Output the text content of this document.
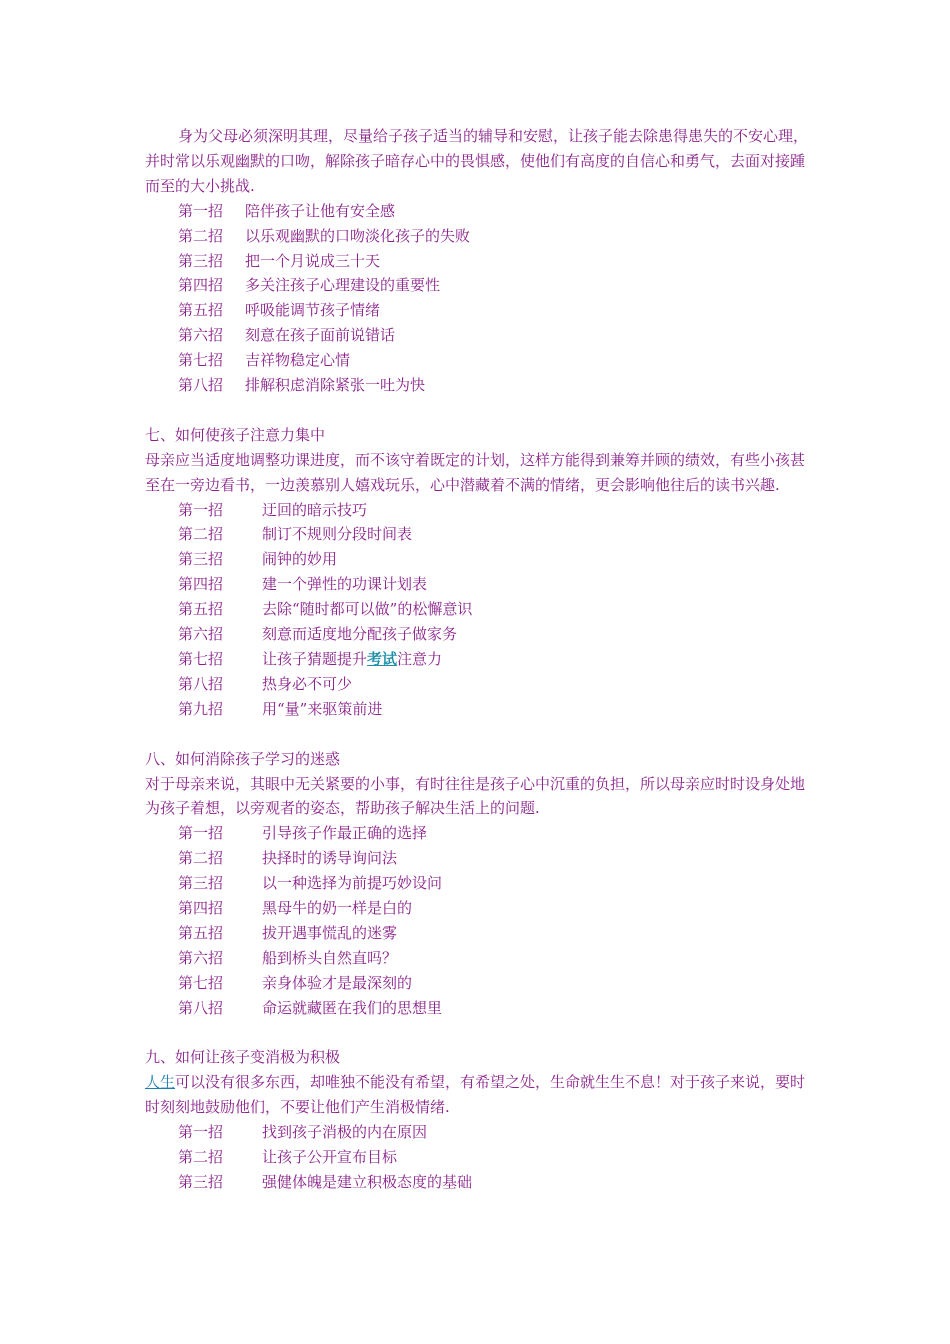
身为父母必须深明其理，尽量给子孩子适当的辅导和安慰，让孩子能去除患得患失的不安心理，并时常以乐观幽默的口吻，解除孩子暗存心中的畏惧感，使他们有高度的自信心和勇气，去面对接踵而至的大小挑战.

第一招	陪伴孩子让他有安全感
第二招	以乐观幽默的口吻淡化孩子的失败
第三招	把一个月说成三十天
第四招	多关注孩子心理建设的重要性
第五招	呼吸能调节孩子情绪
第六招	刻意在孩子面前说错话
第七招	吉祥物稳定心情
第八招	排解积虑消除紧张一吐为快

七、如何使孩子注意力集中

母亲应当适度地调整功课进度，而不该守着既定的计划，这样方能得到兼筹并顾的绩效，有些小孩甚至在一旁边看书，一边羡慕别人嬉戏玩乐，心中潜藏着不满的情绪，更会影响他往后的读书兴趣.

第一招	迂回的暗示技巧
第二招	制订不规则分段时间表
第三招	闹钟的妙用
第四招	建一个弹性的功课计划表
第五招	去除“随时都可以做”的松懈意识
第六招	刻意而适度地分配孩子做家务
第七招	让孩子猜题提升考试注意力
第八招	热身必不可少
第九招	用“量”来驱策前进

八、如何消除孩子学习的迷惑

对于母亲来说，其眼中无关紧要的小事，有时往往是孩子心中沉重的负担，所以母亲应时时设身处地为孩子着想，以旁观者的姿态，帮助孩子解决生活上的问题.

第一招	引导孩子作最正确的选择
第二招	抉择时的诱导询问法
第三招	以一种选择为前提巧妙设问
第四招	黑母牛的奶一样是白的
第五招	拔开遇事慌乱的迷雾
第六招	船到桥头自然直吗？
第七招	亲身体验才是最深刻的
第八招	命运就藏匿在我们的思想里

九、如何让孩子变消极为积极

人生可以没有很多东西，却唯独不能没有希望，有希望之处，生命就生生不息！对于孩子来说，要时时刻刻地鼓励他们，不要让他们产生消极情绪.

第一招	找到孩子消极的内在原因
第二招	让孩子公开宣布目标
第三招	强健体魄是建立积极态度的基础
